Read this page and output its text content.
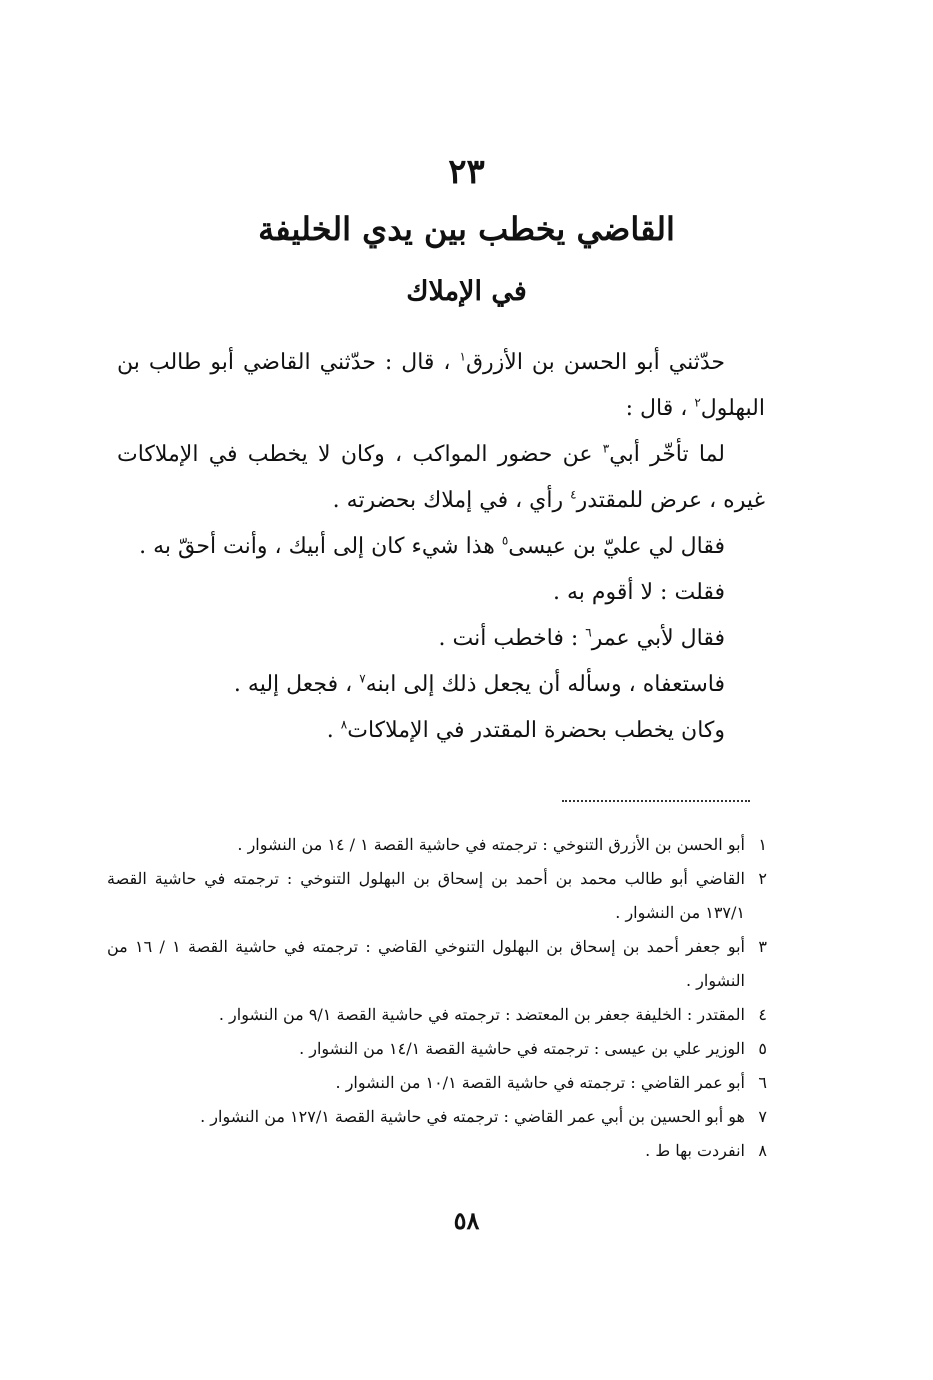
٢٣
القاضي يخطب بين يدي الخليفة
في الإملاك

حدّثني أبو الحسن بن الأزرق$^١$ ، قال : حدّثني القاضي أبو طالب بن البهلول$^٢$ ، قال :

لما تأخّر أبي$^٣$ عن حضور المواكب ، وكان لا يخطب في الإملاكات غيره ، عرض للمقتدر$^٤$ رأي ، في إملاك بحضرته .

فقال لي عليّ بن عيسى$^٥$ هذا شيء كان إلى أبيك ، وأنت أحقّ به .

فقلت : لا أقوم به .

فقال لأبي عمر$^٦$ : فاخطب أنت .

فاستعفاه ، وسأله أن يجعل ذلك إلى ابنه$^٧$ ، فجعل إليه .

وكان يخطب بحضرة المقتدر في الإملاكات$^٨$ .

١
أبو الحسن بن الأزرق التنوخي : ترجمته في حاشية القصة ١ / ١٤ من النشوار .
٢
القاضي أبو طالب محمد بن أحمد بن إسحاق بن البهلول التنوخي : ترجمته في حاشية القصة ١٣٧/١ من النشوار .
٣
أبو جعفر أحمد بن إسحاق بن البهلول التنوخي القاضي : ترجمته في حاشية القصة ١ / ١٦ من النشوار .
٤
المقتدر : الخليفة جعفر بن المعتضد : ترجمته في حاشية القصة ٩/١ من النشوار .
٥
الوزير علي بن عيسى : ترجمته في حاشية القصة ١٤/١ من النشوار .
٦
أبو عمر القاضي : ترجمته في حاشية القصة ١٠/١ من النشوار .
٧
هو أبو الحسين بن أبي عمر القاضي : ترجمته في حاشية القصة ١٢٧/١ من النشوار .
٨
انفردت بها ط .
٥٨
